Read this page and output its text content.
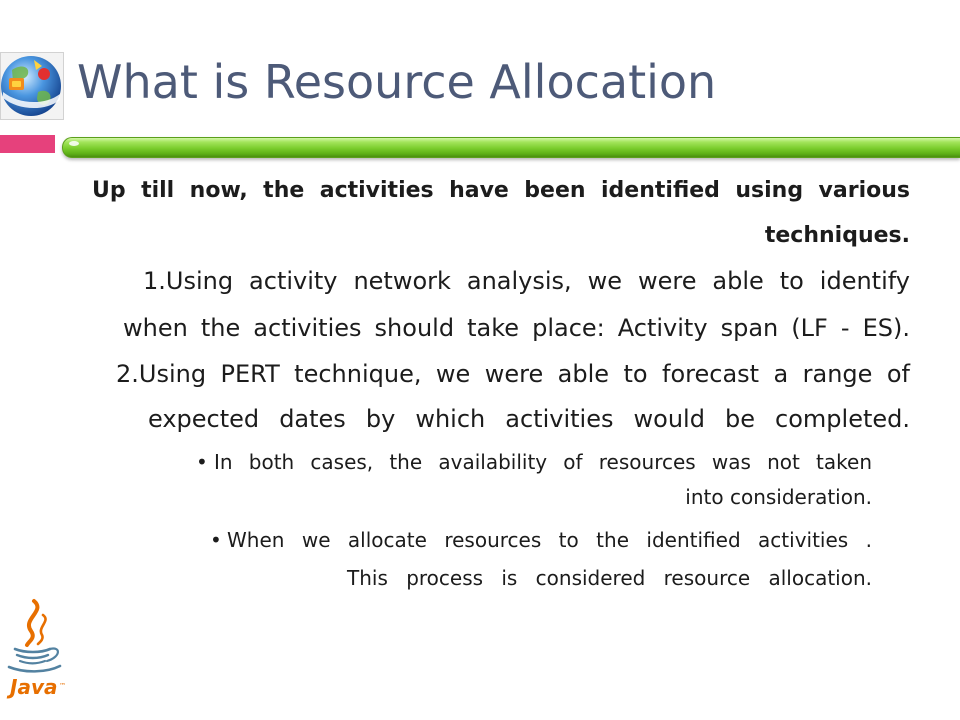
What is Resource Allocation
Up till now, the activities have been identified using various
techniques.
1.Using activity network analysis, we were able to identify
when the activities should take place: Activity span (LF - ES).
2.Using PERT technique, we were able to forecast a range of
expected dates by which activities would be completed.
• In both cases, the availability of resources was not taken
into consideration.
• When we allocate resources to the identified activities .
This process is considered resource allocation.
Java ™
